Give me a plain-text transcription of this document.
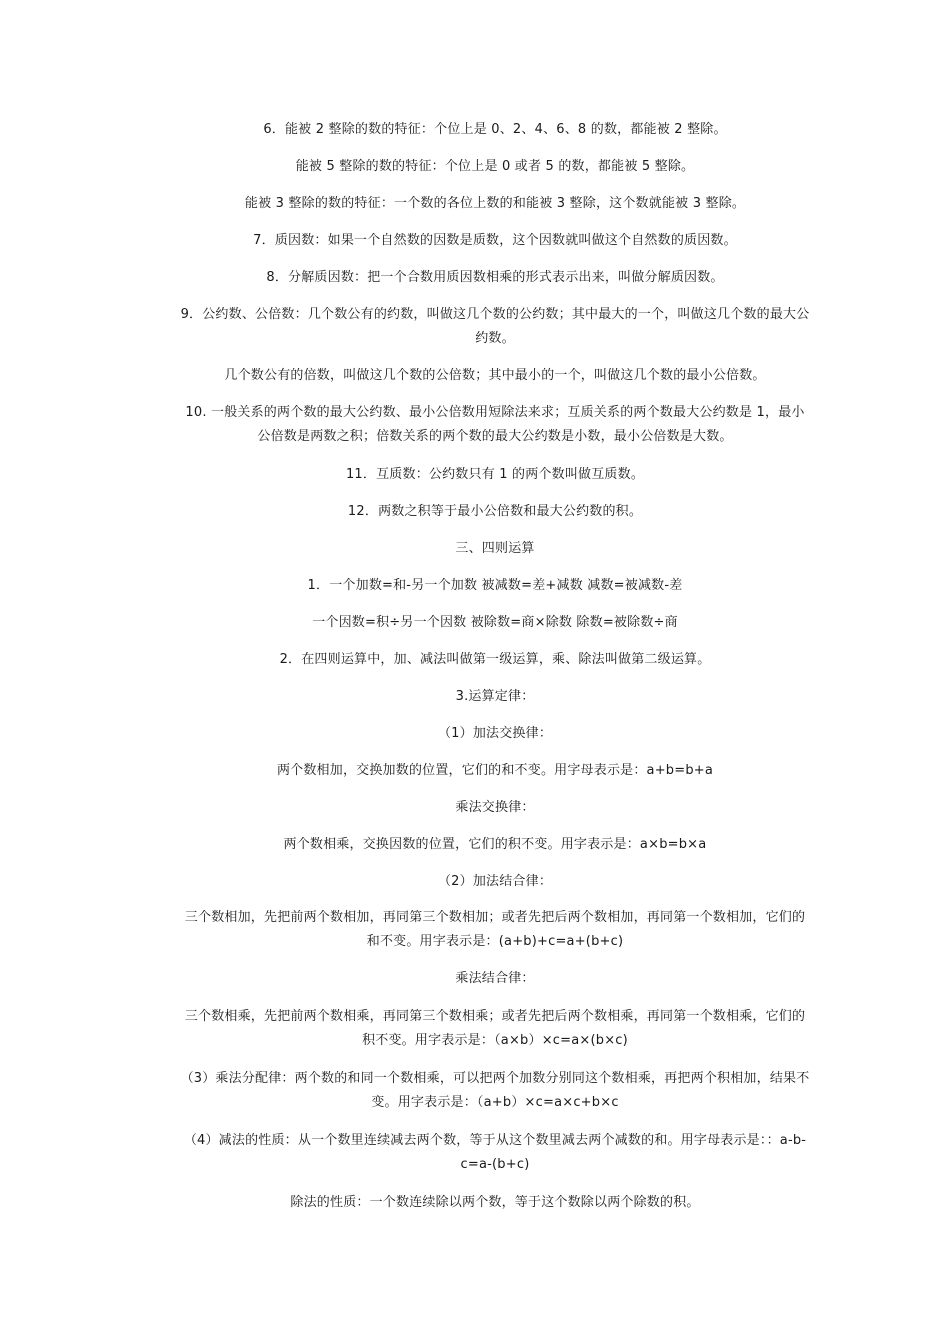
6．能被 2 整除的数的特征：个位上是 0、2、4、6、8 的数，都能被 2 整除。

能被 5 整除的数的特征：个位上是 0 或者 5 的数，都能被 5 整除。

能被 3 整除的数的特征：一个数的各位上数的和能被 3 整除，这个数就能被 3 整除。

7．质因数：如果一个自然数的因数是质数，这个因数就叫做这个自然数的质因数。

8．分解质因数：把一个合数用质因数相乘的形式表示出来，叫做分解质因数。

9．公约数、公倍数：几个数公有的约数，叫做这几个数的公约数；其中最大的一个，叫做这几个数的最大公约数。

几个数公有的倍数，叫做这几个数的公倍数；其中最小的一个，叫做这几个数的最小公倍数。

10. 一般关系的两个数的最大公约数、最小公倍数用短除法来求；互质关系的两个数最大公约数是 1，最小公倍数是两数之积；倍数关系的两个数的最大公约数是小数，最小公倍数是大数。

11．互质数：公约数只有 1 的两个数叫做互质数。

12．两数之积等于最小公倍数和最大公约数的积。

三、四则运算

1．一个加数=和-另一个加数 被减数=差+减数 减数=被减数-差

一个因数=积÷另一个因数 被除数=商×除数 除数=被除数÷商

2．在四则运算中，加、减法叫做第一级运算，乘、除法叫做第二级运算。

3.运算定律：

（1）加法交换律：

两个数相加，交换加数的位置，它们的和不变。用字母表示是：a+b=b+a

乘法交换律：

两个数相乘，交换因数的位置，它们的积不变。用字表示是：a×b=b×a

（2）加法结合律：

三个数相加，先把前两个数相加，再同第三个数相加；或者先把后两个数相加，再同第一个数相加，它们的和不变。用字表示是：(a+b)+c=a+(b+c)

乘法结合律：

三个数相乘，先把前两个数相乘，再同第三个数相乘；或者先把后两个数相乘，再同第一个数相乘，它们的积不变。用字表示是：（a×b）×c=a×(b×c)

（3）乘法分配律：两个数的和同一个数相乘，可以把两个加数分别同这个数相乘，再把两个积相加，结果不变。用字表示是：（a+b）×c=a×c+b×c

（4）减法的性质：从一个数里连续减去两个数，等于从这个数里减去两个减数的和。用字母表示是：：a-b-c=a-(b+c)

除法的性质：一个数连续除以两个数，等于这个数除以两个除数的积。
